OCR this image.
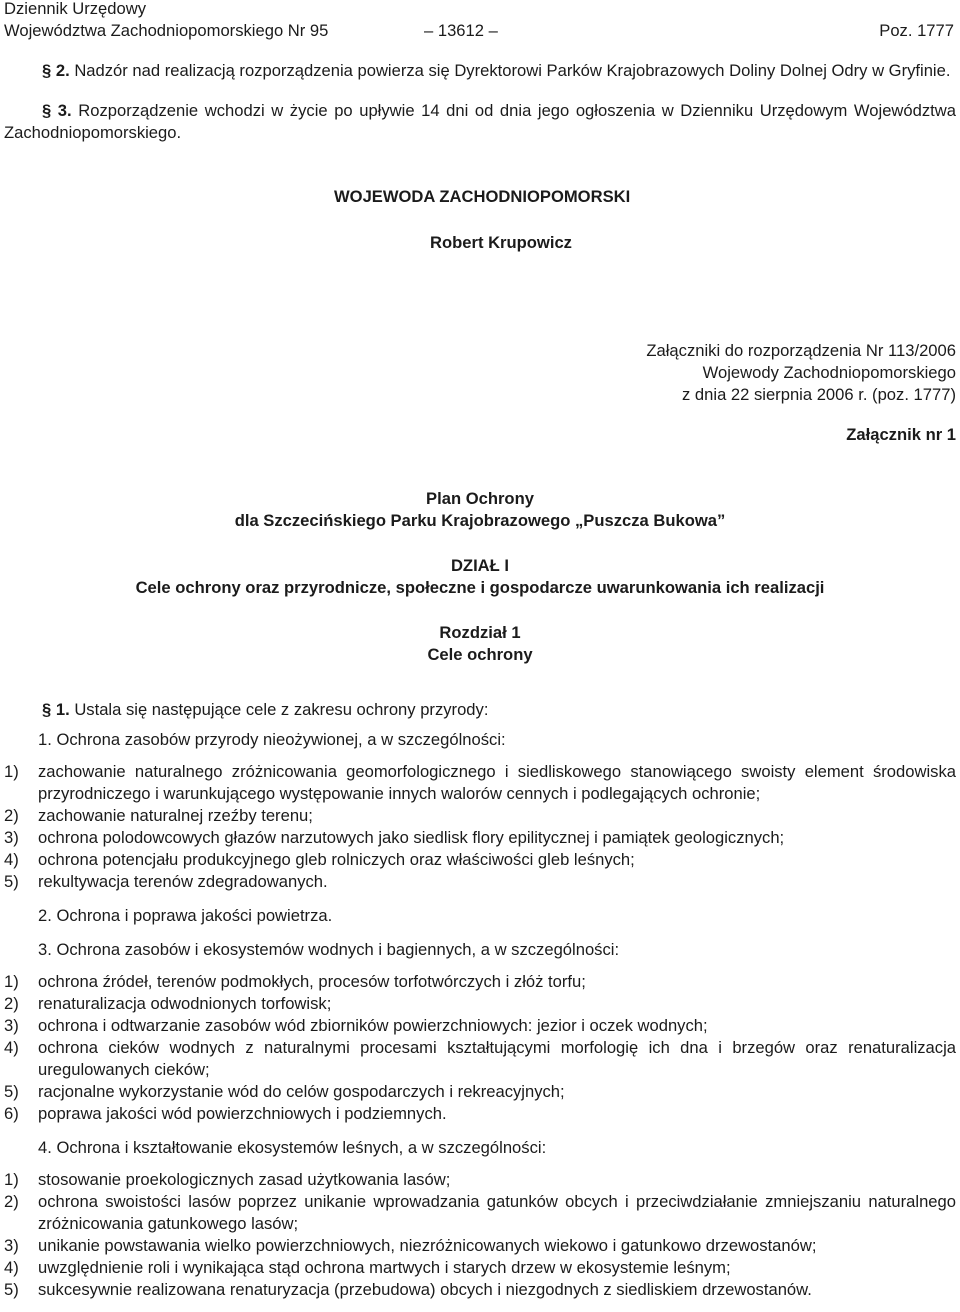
Dziennik Urzędowy
Województwa Zachodniopomorskiego Nr 95	– 13612 –	Poz. 1777

§ 2. Nadzór nad realizacją rozporządzenia powierza się Dyrektorowi Parków Krajobrazowych Doliny Dolnej Odry w Gryfinie.

§ 3. Rozporządzenie wchodzi w życie po upływie 14 dni od dnia jego ogłoszenia w Dzienniku Urzędowym Województwa Zachodniopomorskiego.

WOJEWODA ZACHODNIOPOMORSKI
Robert Krupowicz
Załączniki do rozporządzenia Nr 113/2006
Wojewody Zachodniopomorskiego
z dnia 22 sierpnia 2006 r. (poz. 1777)
Załącznik nr 1
Plan Ochrony
dla Szczecińskiego Parku Krajobrazowego „Puszcza Bukowa”
DZIAŁ I
Cele ochrony oraz przyrodnicze, społeczne i gospodarcze uwarunkowania ich realizacji
Rozdział 1
Cele ochrony

§ 1. Ustala się następujące cele z zakresu ochrony przyrody:

1. Ochrona zasobów przyrody nieożywionej, a w szczególności:

1) zachowanie naturalnego zróżnicowania geomorfologicznego i siedliskowego stanowiącego swoisty element środowiska przyrodniczego i warunkującego występowanie innych walorów cennych i podlegających ochronie;

2) zachowanie naturalnej rzeźby terenu;

3) ochrona polodowcowych głazów narzutowych jako siedlisk flory epilitycznej i pamiątek geologicznych;

4) ochrona potencjału produkcyjnego gleb rolniczych oraz właściwości gleb leśnych;

5) rekultywacja terenów zdegradowanych.

2. Ochrona i poprawa jakości powietrza.

3. Ochrona zasobów i ekosystemów wodnych i bagiennych, a w szczególności:

1) ochrona źródeł, terenów podmokłych, procesów torfotwórczych i złóż torfu;

2) renaturalizacja odwodnionych torfowisk;

3) ochrona i odtwarzanie zasobów wód zbiorników powierzchniowych: jezior i oczek wodnych;

4) ochrona cieków wodnych z naturalnymi procesami kształtującymi morfologię ich dna i brzegów oraz renaturalizacja uregulowanych cieków;

5) racjonalne wykorzystanie wód do celów gospodarczych i rekreacyjnych;

6) poprawa jakości wód powierzchniowych i podziemnych.

4. Ochrona i kształtowanie ekosystemów leśnych, a w szczególności:

1) stosowanie proekologicznych zasad użytkowania lasów;

2) ochrona swoistości lasów poprzez unikanie wprowadzania gatunków obcych i przeciwdziałanie zmniejszaniu naturalnego zróżnicowania gatunkowego lasów;

3) unikanie powstawania wielko powierzchniowych, niezróżnicowanych wiekowo i gatunkowo drzewostanów;

4) uwzględnienie roli i wynikająca stąd ochrona martwych i starych drzew w ekosystemie leśnym;

5) sukcesywnie realizowana renaturyzacja (przebudowa) obcych i niezgodnych z siedliskiem drzewostanów.
